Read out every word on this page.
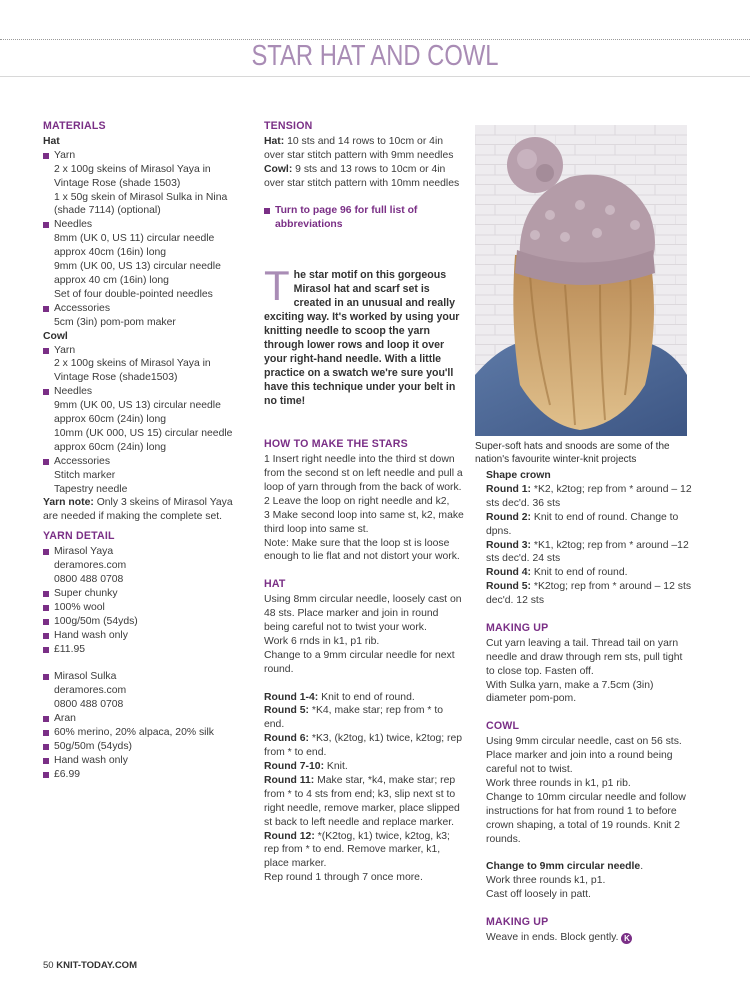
STAR HAT AND COWL
MATERIALS
Hat
Yarn
2 x 100g skeins of Mirasol Yaya in Vintage Rose (shade 1503)
1 x 50g skein of Mirasol Sulka in Nina (shade 7114) (optional)
Needles
8mm (UK 0, US 11) circular needle approx 40cm (16in) long
9mm (UK 00, US 13) circular needle approx 40 cm (16in) long
Set of four double-pointed needles
Accessories
5cm (3in) pom-pom maker
Cowl
Yarn
2 x 100g skeins of Mirasol Yaya in Vintage Rose (shade1503)
Needles
9mm (UK 00, US 13) circular needle approx 60cm (24in) long
10mm (UK 000, US 15) circular needle approx 60cm (24in) long
Accessories
Stitch marker
Tapestry needle
Yarn note: Only 3 skeins of Mirasol Yaya are needed if making the complete set.
YARN DETAIL
Mirasol Yaya
deramores.com
0800 488 0708
Super chunky
100% wool
100g/50m (54yds)
Hand wash only
£11.95
Mirasol Sulka
deramores.com
0800 488 0708
Aran
60% merino, 20% alpaca, 20% silk
50g/50m (54yds)
Hand wash only
£6.99
TENSION
Hat: 10 sts and 14 rows to 10cm or 4in over star stitch pattern with 9mm needles
Cowl: 9 sts and 13 rows to 10cm or 4in over star stitch pattern with 10mm needles
Turn to page 96 for full list of abbreviations
The star motif on this gorgeous Mirasol hat and scarf set is created in an unusual and really exciting way. It's worked by using your knitting needle to scoop the yarn through lower rows and loop it over your right-hand needle. With a little practice on a swatch we're sure you'll have this technique under your belt in no time!
HOW TO MAKE THE STARS
1 Insert right needle into the third st down from the second st on left needle and pull a loop of yarn through from the back of work.
2 Leave the loop on right needle and k2,
3 Make second loop into same st, k2, make third loop into same st.
Note: Make sure that the loop st is loose enough to lie flat and not distort your work.
HAT
Using 8mm circular needle, loosely cast on 48 sts. Place marker and join in round being careful not to twist your work.
Work 6 rnds in k1, p1 rib.
Change to a 9mm circular needle for next round.
Round 1-4: Knit to end of round.
Round 5: *K4, make star; rep from * to end.
Round 6: *K3, (k2tog, k1) twice, k2tog; rep from * to end.
Round 7-10: Knit.
Round 11: Make star, *k4, make star; rep from * to 4 sts from end; k3, slip next st to right needle, remove marker, place slipped st back to left needle and replace marker.
Round 12: *(K2tog, k1) twice, k2tog, k3; rep from * to end. Remove marker, k1, place marker.
Rep round 1 through 7 once more.
Super-soft hats and snoods are some of the nation's favourite winter-knit projects
Shape crown
Round 1: *K2, k2tog; rep from * around – 12 sts dec'd. 36 sts
Round 2: Knit to end of round. Change to dpns.
Round 3: *K1, k2tog; rep from * around –12 sts dec'd. 24 sts
Round 4: Knit to end of round.
Round 5: *K2tog; rep from * around – 12 sts dec'd. 12 sts
MAKING UP
Cut yarn leaving a tail. Thread tail on yarn needle and draw through rem sts, pull tight to close top. Fasten off.
With Sulka yarn, make a 7.5cm (3in) diameter pom-pom.
COWL
Using 9mm circular needle, cast on 56 sts. Place marker and join into a round being careful not to twist.
Work three rounds in k1, p1 rib.
Change to 10mm circular needle and follow instructions for hat from round 1 to before crown shaping, a total of 19 rounds. Knit 2 rounds.
Change to 9mm circular needle.
Work three rounds k1, p1.
Cast off loosely in patt.
MAKING UP
Weave in ends. Block gently. K
50 KNIT-TODAY.COM
